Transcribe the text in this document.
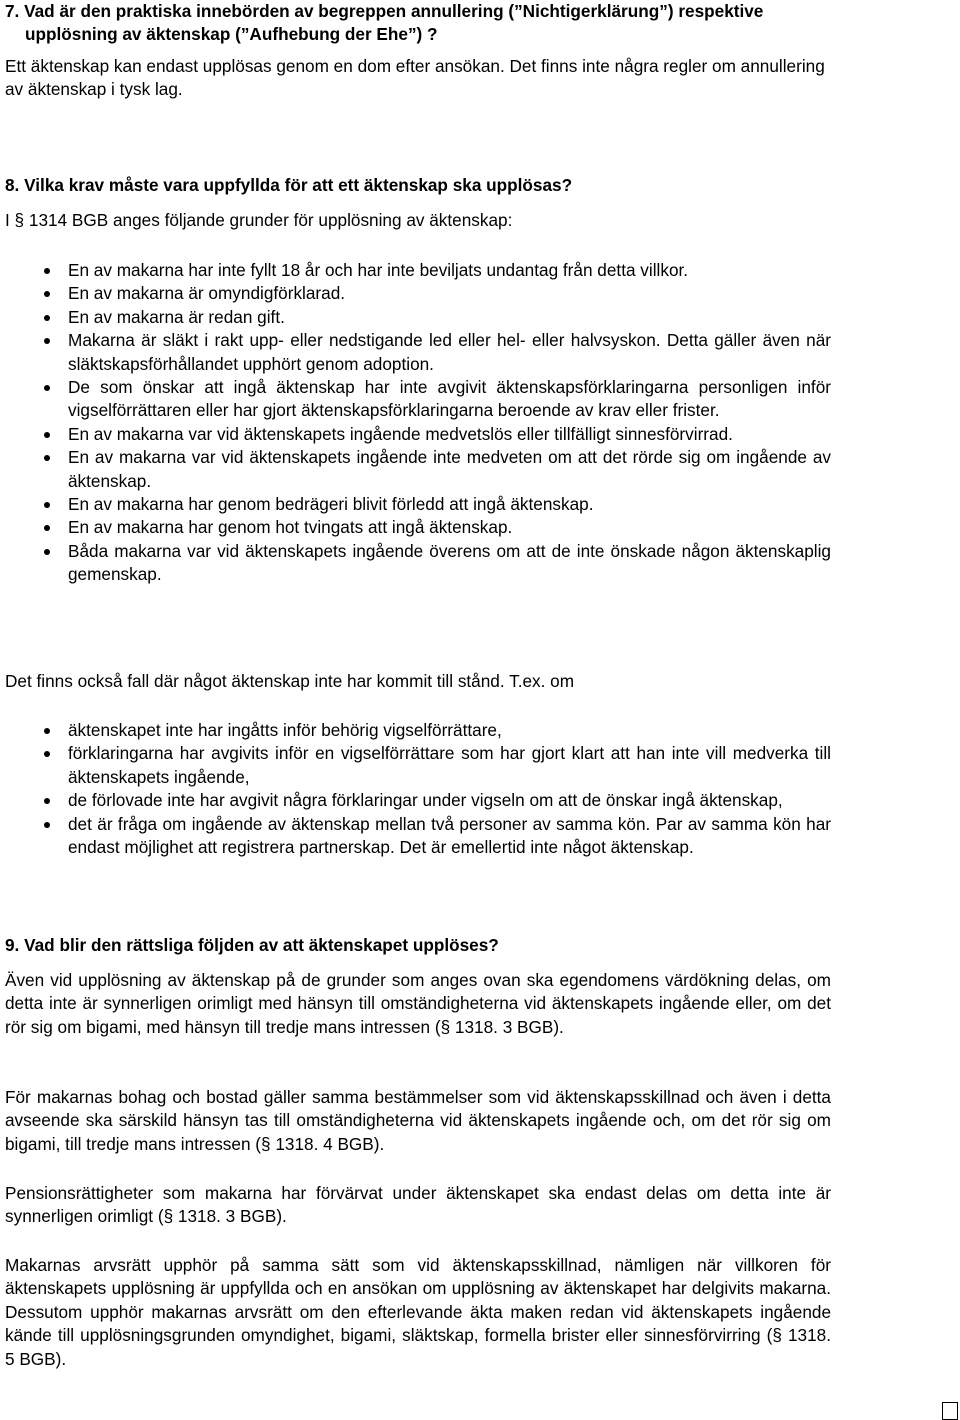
7. Vad är den praktiska innebörden av begreppen annullering (”Nichtigerklärung”) respektive upplösning av äktenskap (”Aufhebung der Ehe”) ?

Ett äktenskap kan endast upplösas genom en dom efter ansökan. Det finns inte några regler om annullering av äktenskap i tysk lag.

8. Vilka krav måste vara uppfyllda för att ett äktenskap ska upplösas?

I § 1314 BGB anges följande grunder för upplösning av äktenskap:

En av makarna har inte fyllt 18 år och har inte beviljats undantag från detta villkor.
En av makarna är omyndigförklarad.
En av makarna är redan gift.
Makarna är släkt i rakt upp- eller nedstigande led eller hel- eller halvsyskon. Detta gäller även när släktskapsförhållandet upphört genom adoption.
De som önskar att ingå äktenskap har inte avgivit äktenskapsförklaringarna personligen inför vigselförrättaren eller har gjort äktenskapsförklaringarna beroende av krav eller frister.
En av makarna var vid äktenskapets ingående medvetslös eller tillfälligt sinnesförvirrad.
En av makarna var vid äktenskapets ingående inte medveten om att det rörde sig om ingående av äktenskap.
En av makarna har genom bedrägeri blivit förledd att ingå äktenskap.
En av makarna har genom hot tvingats att ingå äktenskap.
Båda makarna var vid äktenskapets ingående överens om att de inte önskade någon äktenskaplig gemenskap.

Det finns också fall där något äktenskap inte har kommit till stånd. T.ex. om

äktenskapet inte har ingåtts inför behörig vigselförrättare,
förklaringarna har avgivits inför en vigselförrättare som har gjort klart att han inte vill medverka till äktenskapets ingående,
de förlovade inte har avgivit några förklaringar under vigseln om att de önskar ingå äktenskap,
det är fråga om ingående av äktenskap mellan två personer av samma kön. Par av samma kön har endast möjlighet att registrera partnerskap. Det är emellertid inte något äktenskap.

9. Vad blir den rättsliga följden av att äktenskapet upplöses?

Även vid upplösning av äktenskap på de grunder som anges ovan ska egendomens värdökning delas, om detta inte är synnerligen orimligt med hänsyn till omständigheterna vid äktenskapets ingående eller, om det rör sig om bigami, med hänsyn till tredje mans intressen (§ 1318. 3 BGB).

För makarnas bohag och bostad gäller samma bestämmelser som vid äktenskapsskillnad och även i detta avseende ska särskild hänsyn tas till omständigheterna vid äktenskapets ingående och, om det rör sig om bigami, till tredje mans intressen (§ 1318. 4 BGB).

Pensionsrättigheter som makarna har förvärvat under äktenskapet ska endast delas om detta inte är synnerligen orimligt (§ 1318. 3 BGB).

Makarnas arvsrätt upphör på samma sätt som vid äktenskapsskillnad, nämligen när villkoren för äktenskapets upplösning är uppfyllda och en ansökan om upplösning av äktenskapet har delgivits makarna. Dessutom upphör makarnas arvsrätt om den efterlevande äkta maken redan vid äktenskapets ingående kände till upplösningsgrunden omyndighet, bigami, släktskap, formella brister eller sinnesförvirring (§ 1318. 5 BGB).
